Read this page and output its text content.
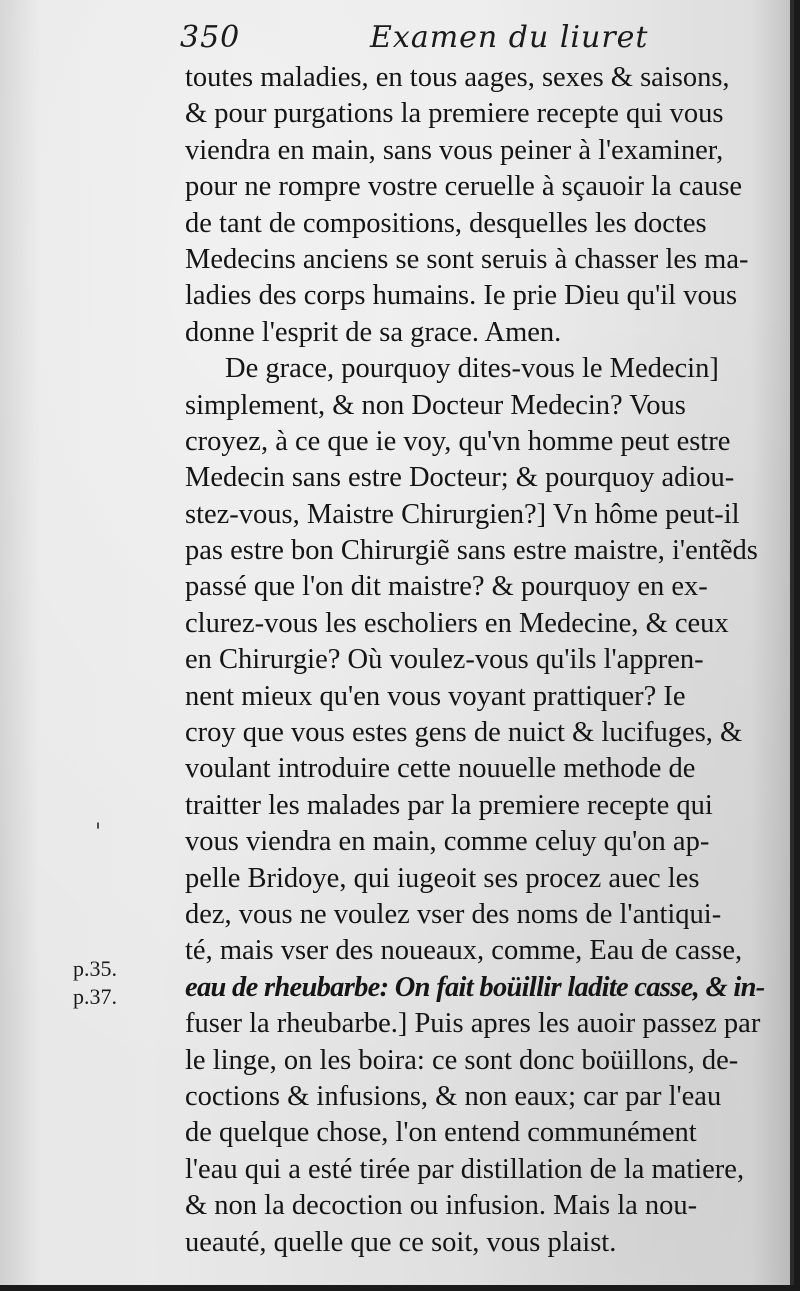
350	Examen du liuret
toutes maladies, en tous aages, sexes & saisons,
& pour purgations la premiere recepte qui vous
viendra en main, sans vous peiner à l'examiner,
pour ne rompre vostre ceruelle à sçauoir la cause
de tant de compositions, desquelles les doctes
Medecins anciens se sont seruis à chasser les ma-
ladies des corps humains. Ie prie Dieu qu'il vous
donne l'esprit de sa grace. Amen.
De grace, pourquoy dites-vous le Medecin]
simplement, & non Docteur Medecin? Vous
croyez, à ce que ie voy, qu'vn homme peut estre
Medecin sans estre Docteur; & pourquoy adiou-
stez-vous, Maistre Chirurgien?] Vn hôme peut-il
pas estre bon Chirurgiẽ sans estre maistre, i'entẽds
passé que l'on dit maistre? & pourquoy en ex-
clurez-vous les escholiers en Medecine, & ceux
en Chirurgie? Où voulez-vous qu'ils l'appren-
nent mieux qu'en vous voyant prattiquer? Ie
croy que vous estes gens de nuict & lucifuges, &
voulant introduire cette nouuelle methode de
traitter les malades par la premiere recepte qui
vous viendra en main, comme celuy qu'on ap-
pelle Bridoye, qui iugeoit ses procez auec les
dez, vous ne voulez vser des noms de l'antiqui-
té, mais vser des noueaux, comme, Eau de casse,
eau de rheubarbe: On fait boüillir ladite casse, & in-
fuser la rheubarbe.] Puis apres les auoir passez par
le linge, on les boira: ce sont donc boüillons, de-
coctions & infusions, & non eaux; car par l'eau
de quelque chose, l'on entend communément
l'eau qui a esté tirée par distillation de la matiere,
& non la decoction ou infusion. Mais la nou-
ueauté, quelle que ce soit, vous plaist.
p.35.
p.37.
'
